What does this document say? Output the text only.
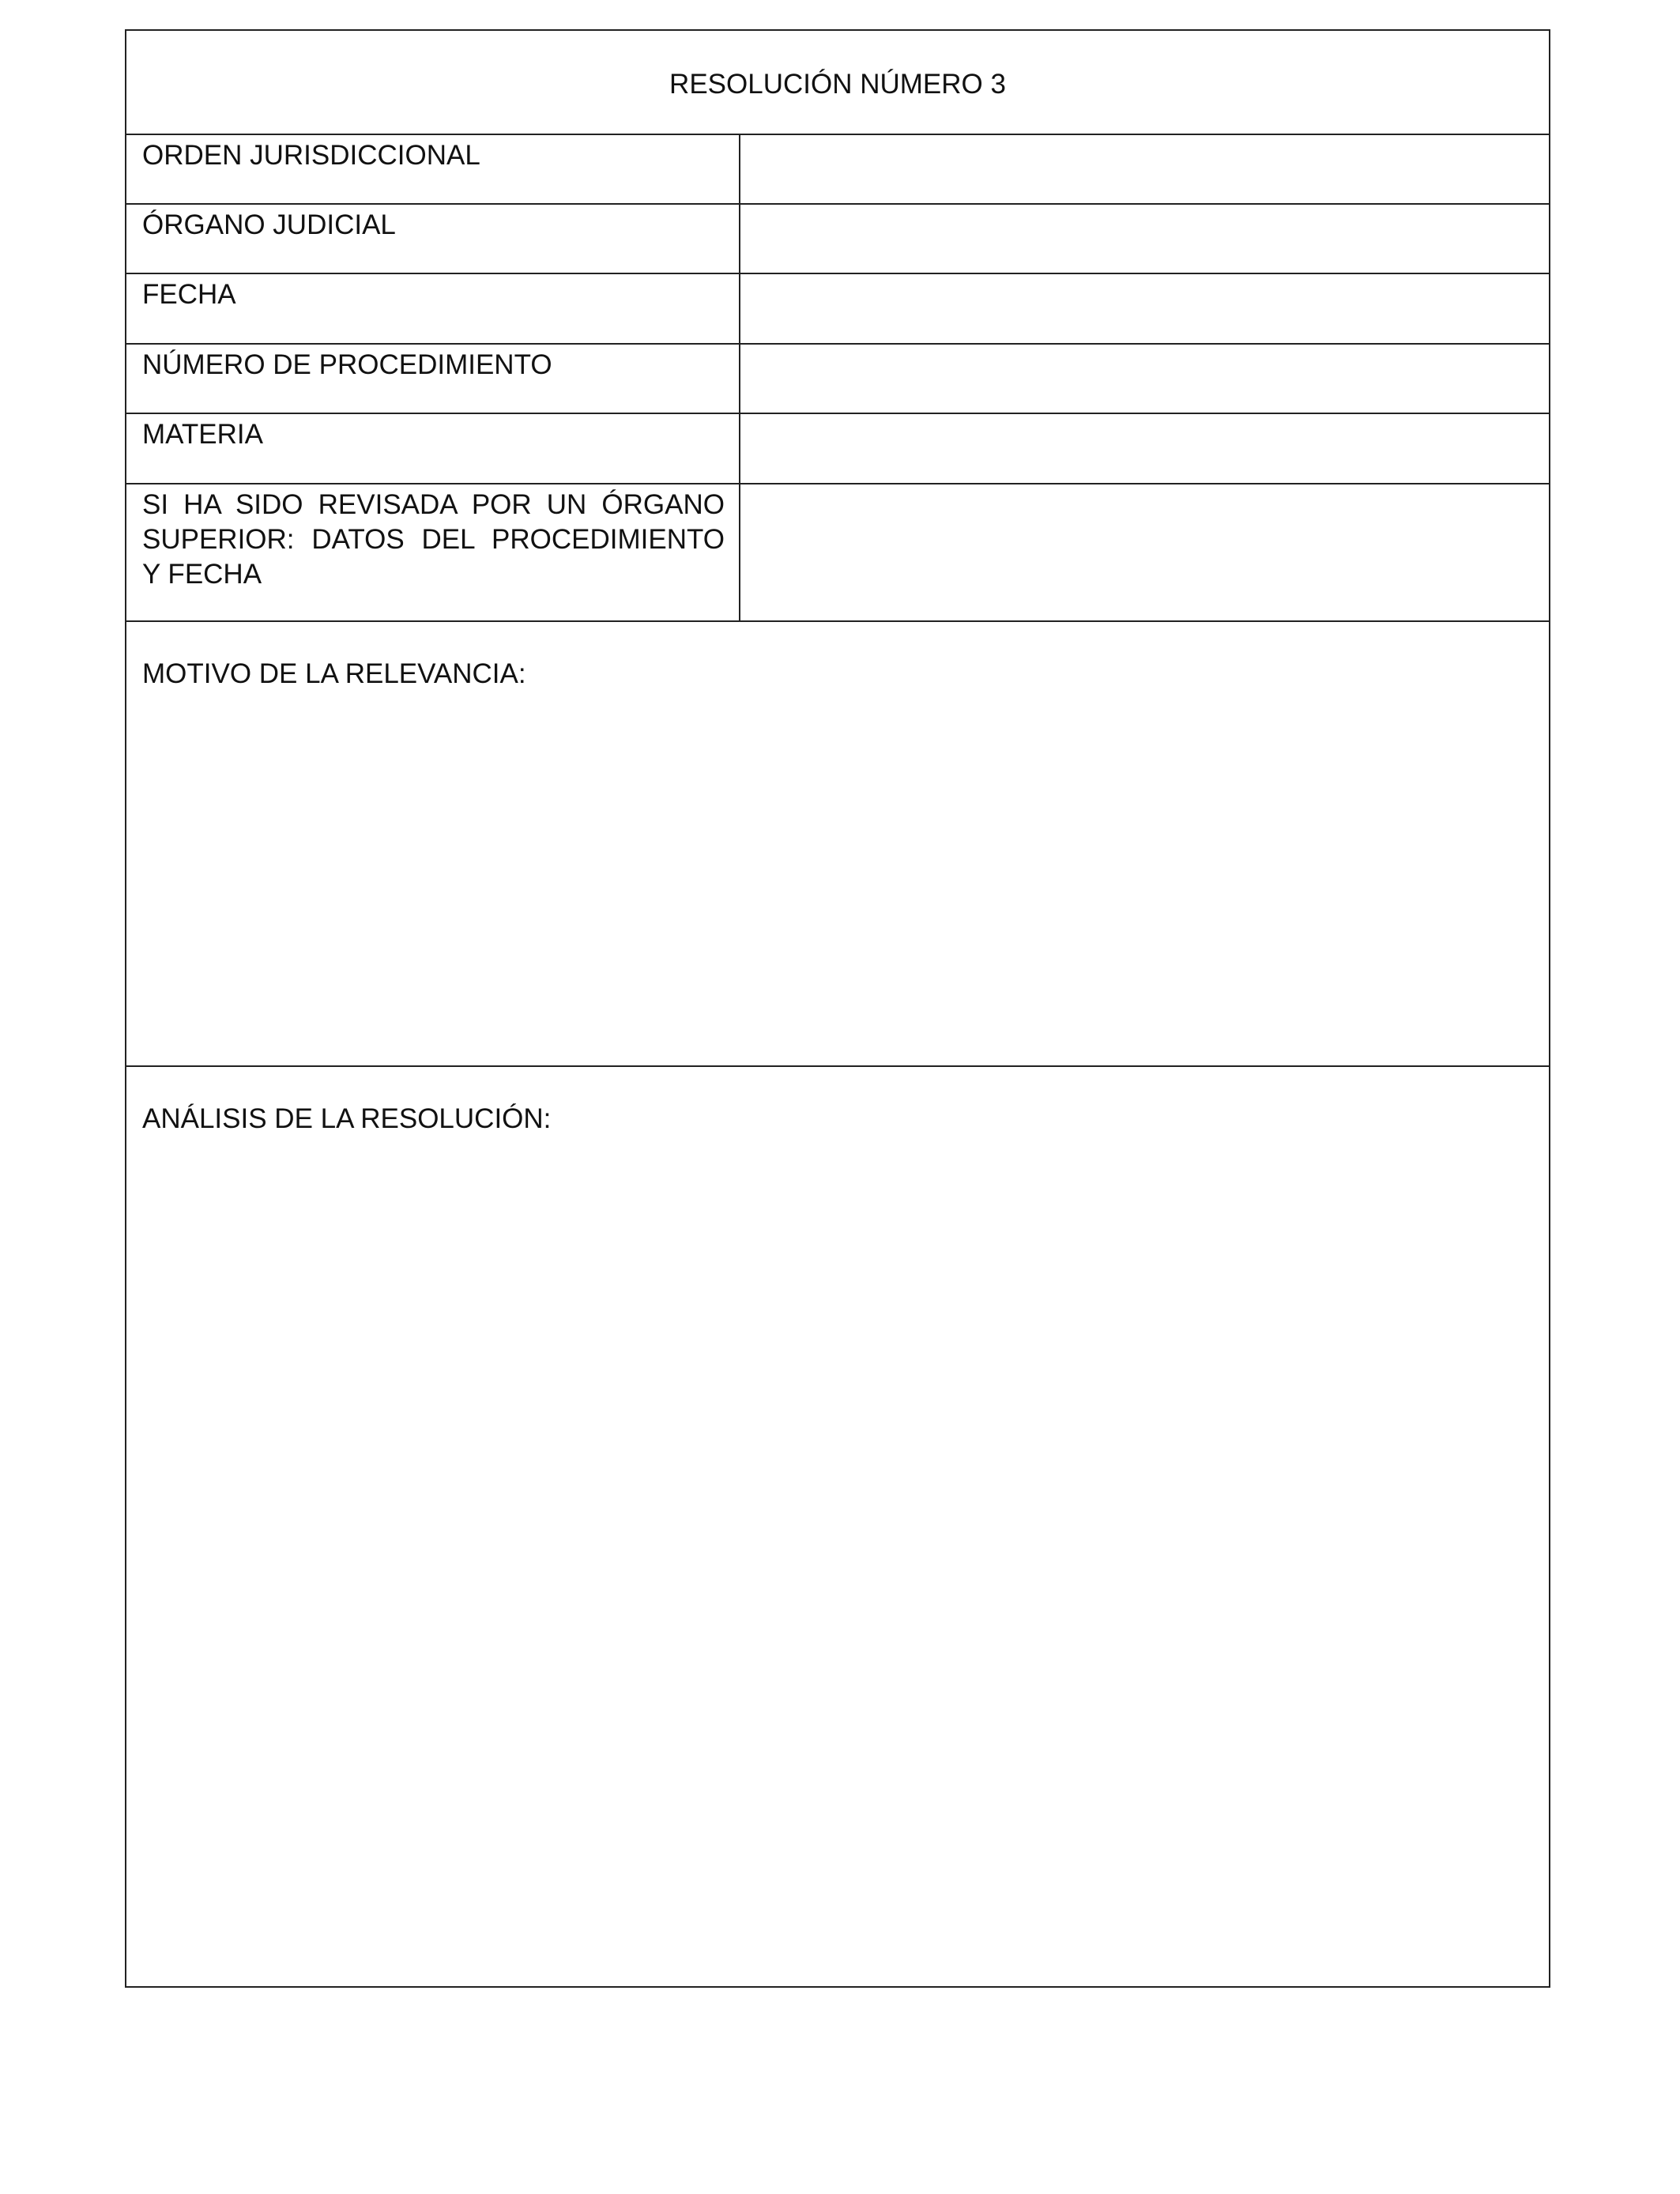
RESOLUCIÓN NÚMERO 3
ORDEN JURISDICCIONAL
ÓRGANO JUDICIAL
FECHA
NÚMERO DE PROCEDIMIENTO
MATERIA
SI HA SIDO REVISADA POR UN ÓRGANO
SUPERIOR: DATOS DEL PROCEDIMIENTO
Y FECHA
MOTIVO DE LA RELEVANCIA:
ANÁLISIS DE LA RESOLUCIÓN:
